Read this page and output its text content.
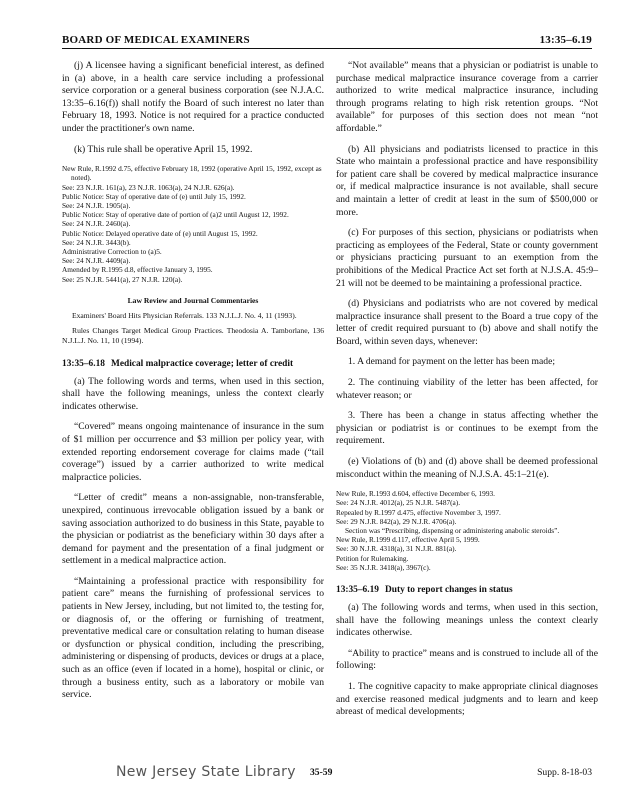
BOARD OF MEDICAL EXAMINERS	13:35–6.19

(j) A licensee having a significant beneficial interest, as defined in (a) above, in a health care service including a professional service corporation or a general business corporation (see N.J.A.C. 13:35–6.16(f)) shall notify the Board of such interest no later than February 18, 1993. Notice is not required for a practice conducted under the practitioner's own name.

(k) This rule shall be operative April 15, 1992.

New Rule, R.1992 d.75, effective February 18, 1992 (operative April 15, 1992, except as noted).
See: 23 N.J.R. 161(a), 23 N.J.R. 1063(a), 24 N.J.R. 626(a).
Public Notice: Stay of operative date of (e) until July 15, 1992.
See: 24 N.J.R. 1905(a).
Public Notice: Stay of operative date of portion of (a)2 until August 12, 1992.
See: 24 N.J.R. 2460(a).
Public Notice: Delayed operative date of (e) until August 15, 1992.
See: 24 N.J.R. 3443(b).
Administrative Correction to (a)5.
See: 24 N.J.R. 4409(a).
Amended by R.1995 d.8, effective January 3, 1995.
See: 25 N.J.R. 5441(a), 27 N.J.R. 120(a).
Law Review and Journal Commentaries
Examiners' Board Hits Physician Referrals. 133 N.J.L.J. No. 4, 11 (1993).
Rules Changes Target Medical Group Practices. Theodosia A. Tamborlane, 136 N.J.L.J. No. 11, 10 (1994).
13:35–6.18 Medical malpractice coverage; letter of credit

(a) The following words and terms, when used in this section, shall have the following meanings, unless the context clearly indicates otherwise.

“Covered” means ongoing maintenance of insurance in the sum of $1 million per occurrence and $3 million per policy year, with extended reporting endorsement coverage for claims made (“tail coverage”) issued by a carrier authorized to write medical malpractice policies.

“Letter of credit” means a non-assignable, non-transferable, unexpired, continuous irrevocable obligation issued by a bank or saving association authorized to do business in this State, payable to the physician or podiatrist as the beneficiary within 30 days after a demand for payment and the presentation of a final judgment or settlement in a medical malpractice action.

“Maintaining a professional practice with responsibility for patient care” means the furnishing of professional services to patients in New Jersey, including, but not limited to, the testing for, or diagnosis of, or the offering or furnishing of treatment, preventative medical care or consultation relating to human disease or dysfunction or physical condition, including the prescribing, administering or dispensing of products, devices or drugs at a place, such as an office (even if located in a home), hospital or clinic, or through a business entity, such as a laboratory or mobile van service.

“Not available” means that a physician or podiatrist is unable to purchase medical malpractice insurance coverage from a carrier authorized to write medical malpractice insurance, including through programs relating to high risk retention groups. “Not available” for purposes of this section does not mean “not affordable.”

(b) All physicians and podiatrists licensed to practice in this State who maintain a professional practice and have responsibility for patient care shall be covered by medical malpractice insurance or, if medical malpractice insurance is not available, shall secure and maintain a letter of credit at least in the sum of $500,000 or more.

(c) For purposes of this section, physicians or podiatrists when practicing as employees of the Federal, State or county government or physicians practicing pursuant to an exemption from the prohibitions of the Medical Practice Act set forth at N.J.S.A. 45:9–21 will not be deemed to be maintaining a professional practice.

(d) Physicians and podiatrists who are not covered by medical malpractice insurance shall present to the Board a true copy of the letter of credit required pursuant to (b) above and shall notify the Board, within seven days, whenever:

1. A demand for payment on the letter has been made;

2. The continuing viability of the letter has been affected, for whatever reason; or

3. There has been a change in status affecting whether the physician or podiatrist is or continues to be exempt from the requirement.

(e) Violations of (b) and (d) above shall be deemed professional misconduct within the meaning of N.J.S.A. 45:1–21(e).

New Rule, R.1993 d.604, effective December 6, 1993.
See: 24 N.J.R. 4012(a), 25 N.J.R. 5487(a).
Repealed by R.1997 d.475, effective November 3, 1997.
See: 29 N.J.R. 842(a), 29 N.J.R. 4706(a).
Section was “Prescribing, dispensing or administering anabolic steroids”.
New Rule, R.1999 d.117, effective April 5, 1999.
See: 30 N.J.R. 4318(a), 31 N.J.R. 881(a).
Petition for Rulemaking.
See: 35 N.J.R. 3418(a), 3967(c).
13:35–6.19 Duty to report changes in status

(a) The following words and terms, when used in this section, shall have the following meanings unless the context clearly indicates otherwise.

“Ability to practice” means and is construed to include all of the following:

1. The cognitive capacity to make appropriate clinical diagnoses and exercise reasoned medical judgments and to learn and keep abreast of medical developments;

New Jersey State Library 35-59	Supp. 8-18-03
